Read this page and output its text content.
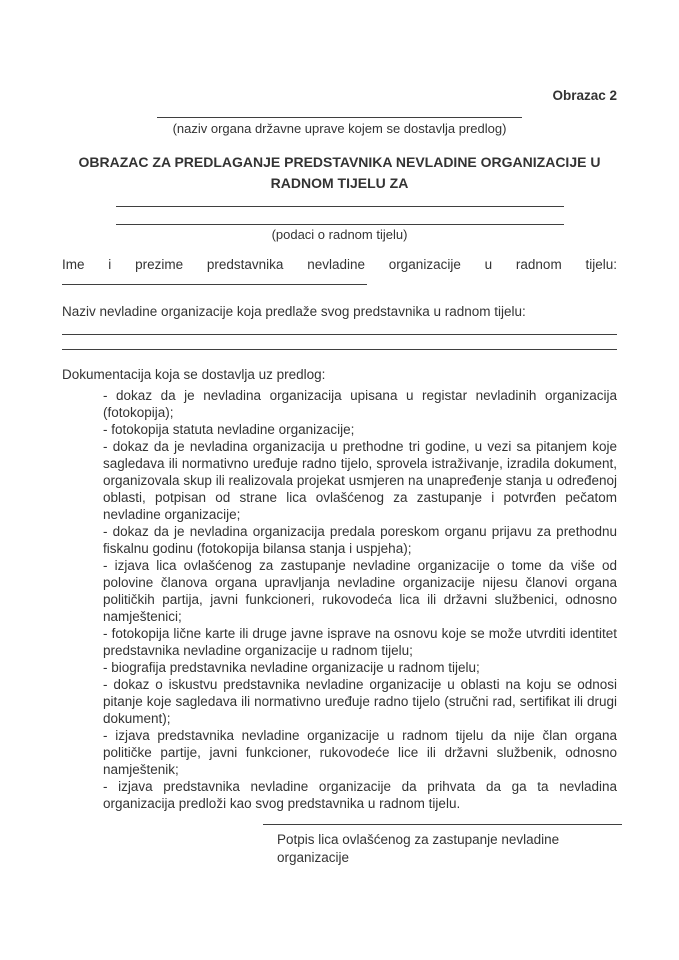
Obrazac 2
(naziv organa državne uprave kojem se dostavlja predlog)
OBRAZAC ZA PREDLAGANJE PREDSTAVNIKA NEVLADINE ORGANIZACIJE U RADNOM TIJELU ZA
(podaci o radnom tijelu)

Ime i prezime predstavnika nevladine organizacije u radnom tijelu:

Naziv nevladine organizacije koja predlaže svog predstavnika u radnom tijelu:

Dokumentacija koja se dostavlja uz predlog:

- dokaz da je nevladina organizacija upisana u registar nevladinih organizacija (fotokopija);

- fotokopija statuta nevladine organizacije;

- dokaz da je nevladina organizacija u prethodne tri godine, u vezi sa pitanjem koje sagledava ili normativno uređuje radno tijelo, sprovela istraživanje, izradila dokument, organizovala skup ili realizovala projekat usmjeren na unapređenje stanja u određenoj oblasti, potpisan od strane lica ovlašćenog za zastupanje i potvrđen pečatom nevladine organizacije;

- dokaz da je nevladina organizacija predala poreskom organu prijavu za prethodnu fiskalnu godinu (fotokopija bilansa stanja i uspjeha);

- izjava lica ovlašćenog za zastupanje nevladine organizacije o tome da više od polovine članova organa upravljanja nevladine organizacije nijesu članovi organa političkih partija, javni funkcioneri, rukovodeća lica ili državni službenici, odnosno namještenici;

- fotokopija lične karte ili druge javne isprave na osnovu koje se može utvrditi identitet predstavnika nevladine organizacije u radnom tijelu;

- biografija predstavnika nevladine organizacije u radnom tijelu;

- dokaz o iskustvu predstavnika nevladine organizacije u oblasti na koju se odnosi pitanje koje sagledava ili normativno uređuje radno tijelo (stručni rad, sertifikat ili drugi dokument);

- izjava predstavnika nevladine organizacije u radnom tijelu da nije član organa političke partije, javni funkcioner, rukovodeće lice ili državni službenik, odnosno namještenik;

- izjava predstavnika nevladine organizacije da prihvata da ga ta nevladina organizacija predloži kao svog predstavnika u radnom tijelu.

Potpis lica ovlašćenog za zastupanje nevladine organizacije
